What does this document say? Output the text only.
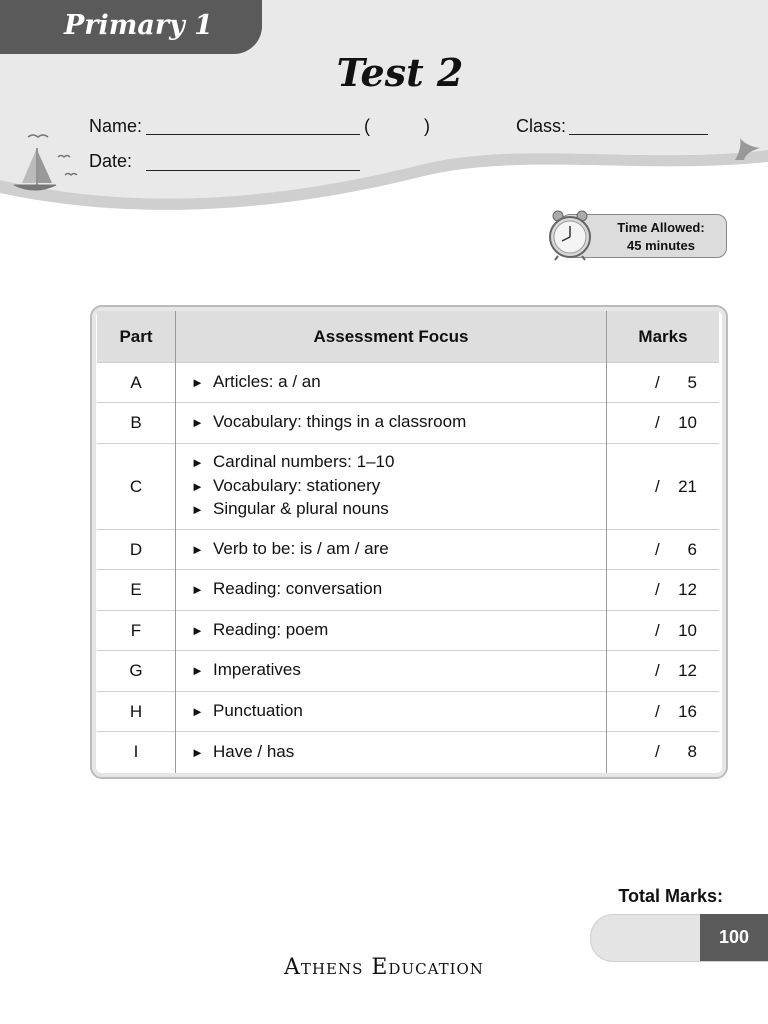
Primary 1
Test 2
Name:	(	)	Class:
Date:
Time Allowed:
45 minutes
Part	Assessment Focus	Marks
A	► Articles: a / an	/ 5
B	► Vocabulary: things in a classroom	/ 10
C	► Cardinal numbers: 1–10
► Vocabulary: stationery
► Singular & plural nouns	/ 21
D	► Verb to be: is / am / are	/ 6
E	► Reading: conversation	/ 12
F	► Reading: poem	/ 10
G	► Imperatives	/ 12
H	► Punctuation	/ 16
I	► Have / has	/ 8
Total Marks:
100
Athens Education
